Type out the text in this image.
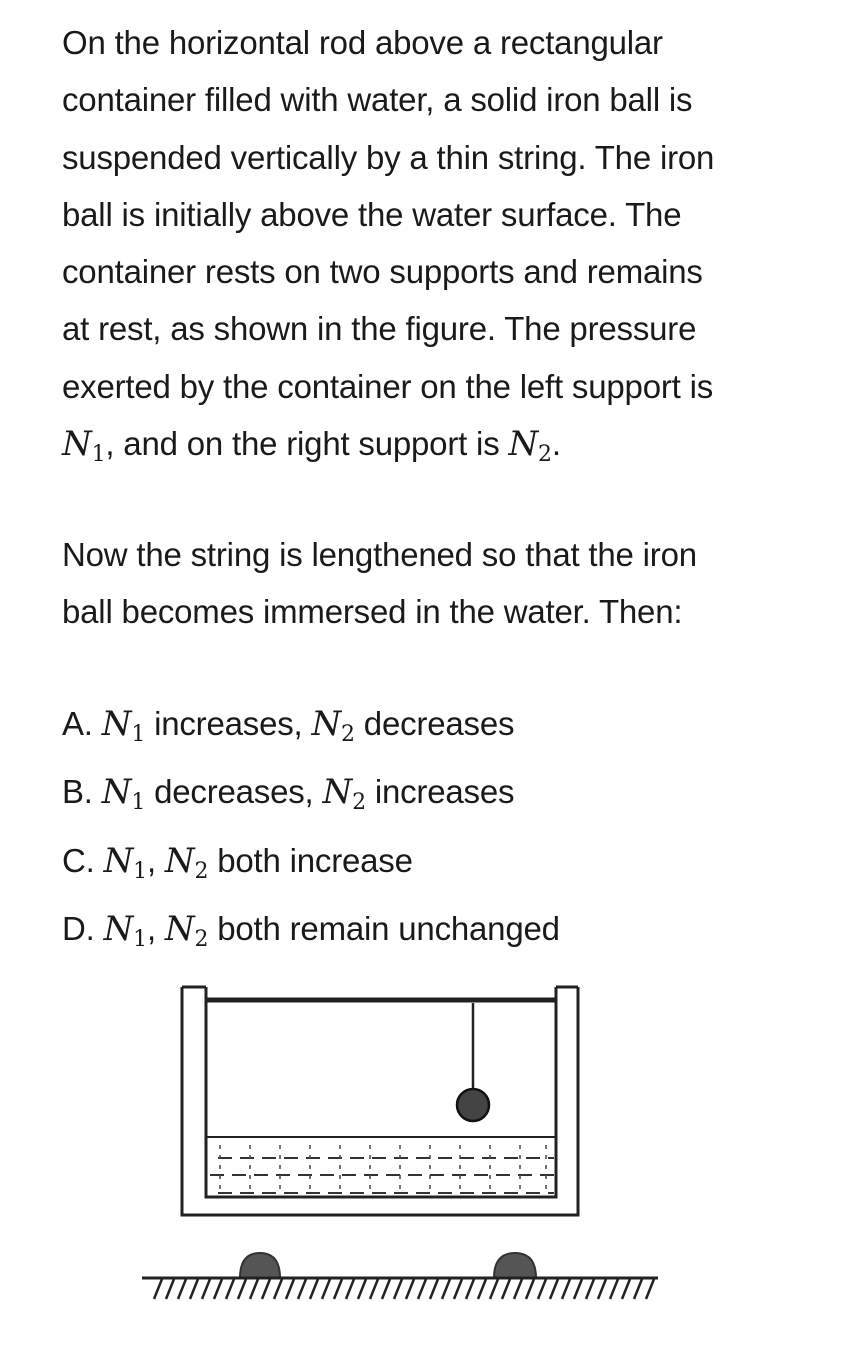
On the horizontal rod above a rectangular
container filled with water, a solid iron ball is
suspended vertically by a thin string. The iron
ball is initially above the water surface. The
container rests on two supports and remains
at rest, as shown in the figure. The pressure
exerted by the container on the left support is
$N_1$, and on the right support is $N_2$.
Now the string is lengthened so that the iron
ball becomes immersed in the water. Then:
A. $N_1$ increases, $N_2$ decreases
B. $N_1$ decreases, $N_2$ increases
C. $N_1$, $N_2$ both increase
D. $N_1$, $N_2$ both remain unchanged
